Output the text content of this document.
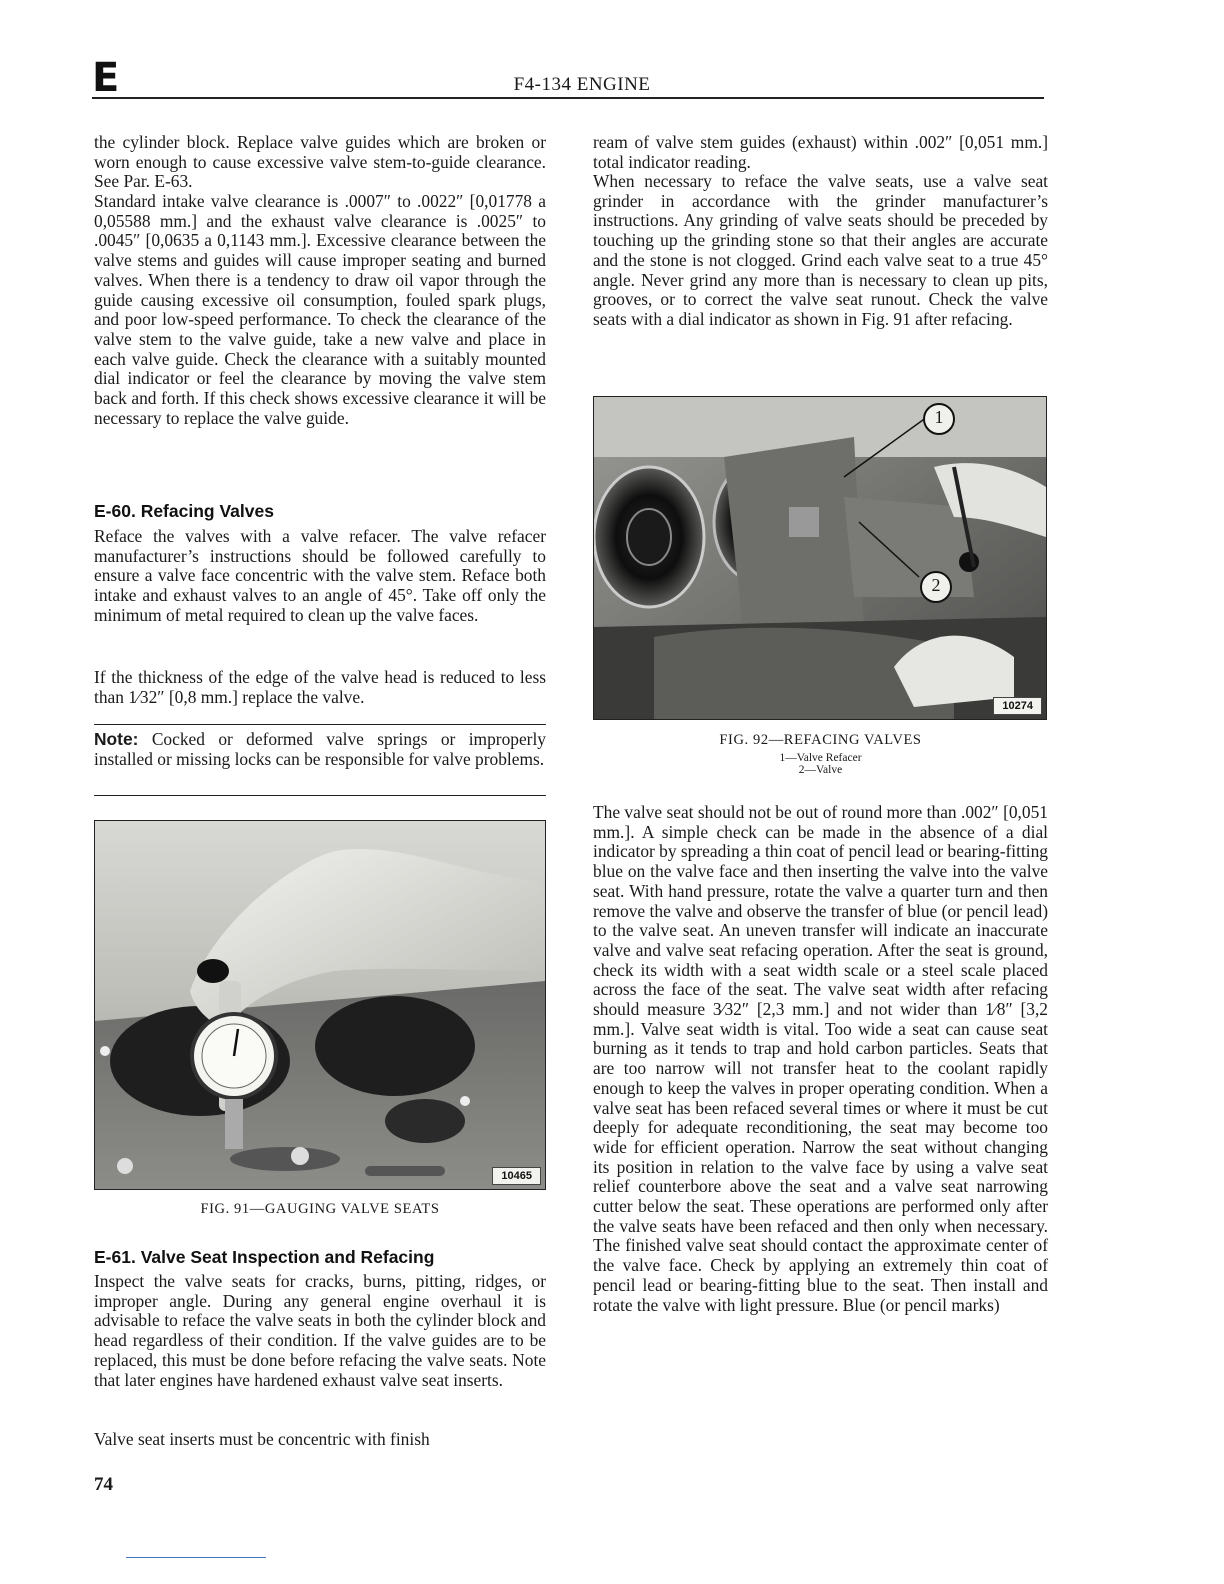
E	F4-134 ENGINE

the cylinder block. Replace valve guides which are broken or worn enough to cause excessive valve stem-to-guide clearance. See Par. E-63.

Standard intake valve clearance is .0007″ to .0022″ [0,01778 a 0,05588 mm.] and the exhaust valve clearance is .0025″ to .0045″ [0,0635 a 0,1143 mm.]. Excessive clearance between the valve stems and guides will cause improper seating and burned valves. When there is a tendency to draw oil vapor through the guide causing excessive oil consumption, fouled spark plugs, and poor low-speed performance. To check the clearance of the valve stem to the valve guide, take a new valve and place in each valve guide. Check the clearance with a suitably mounted dial indicator or feel the clearance by moving the valve stem back and forth. If this check shows excessive clearance it will be necessary to replace the valve guide.

E-60. Refacing Valves

Reface the valves with a valve refacer. The valve refacer manufacturer’s instructions should be followed carefully to ensure a valve face concentric with the valve stem. Reface both intake and exhaust valves to an angle of 45°. Take off only the minimum of metal required to clean up the valve faces.

If the thickness of the edge of the valve head is reduced to less than 1⁄32″ [0,8 mm.] replace the valve.

Note: Cocked or deformed valve springs or improperly installed or missing locks can be responsible for valve problems.

10465
FIG. 91—GAUGING VALVE SEATS
E-61. Valve Seat Inspection and Refacing

Inspect the valve seats for cracks, burns, pitting, ridges, or improper angle. During any general engine overhaul it is advisable to reface the valve seats in both the cylinder block and head regardless of their condition. If the valve guides are to be replaced, this must be done before refacing the valve seats. Note that later engines have hardened exhaust valve seat inserts.

Valve seat inserts must be concentric with finish

ream of valve stem guides (exhaust) within .002″ [0,051 mm.] total indicator reading.

When necessary to reface the valve seats, use a valve seat grinder in accordance with the grinder manufacturer’s instructions. Any grinding of valve seats should be preceded by touching up the grinding stone so that their angles are accurate and the stone is not clogged. Grind each valve seat to a true 45° angle. Never grind any more than is necessary to clean up pits, grooves, or to correct the valve seat runout. Check the valve seats with a dial indicator as shown in Fig. 91 after refacing.

1
2
10274
FIG. 92—REFACING VALVES
1—Valve Refacer
2—Valve

The valve seat should not be out of round more than .002″ [0,051 mm.]. A simple check can be made in the absence of a dial indicator by spreading a thin coat of pencil lead or bearing-fitting blue on the valve face and then inserting the valve into the valve seat. With hand pressure, rotate the valve a quarter turn and then remove the valve and observe the transfer of blue (or pencil lead) to the valve seat. An uneven transfer will indicate an inaccurate valve and valve seat refacing operation. After the seat is ground, check its width with a seat width scale or a steel scale placed across the face of the seat. The valve seat width after refacing should measure 3⁄32″ [2,3 mm.] and not wider than 1⁄8″ [3,2 mm.]. Valve seat width is vital. Too wide a seat can cause seat burning as it tends to trap and hold carbon particles. Seats that are too narrow will not transfer heat to the coolant rapidly enough to keep the valves in proper operating condition. When a valve seat has been refaced several times or where it must be cut deeply for adequate reconditioning, the seat may become too wide for efficient operation. Narrow the seat without changing its position in relation to the valve face by using a valve seat relief counterbore above the seat and a valve seat narrowing cutter below the seat. These operations are performed only after the valve seats have been refaced and then only when necessary. The finished valve seat should contact the approximate center of the valve face. Check by applying an extremely thin coat of pencil lead or bearing-fitting blue to the seat. Then install and rotate the valve with light pressure. Blue (or pencil marks)

74
